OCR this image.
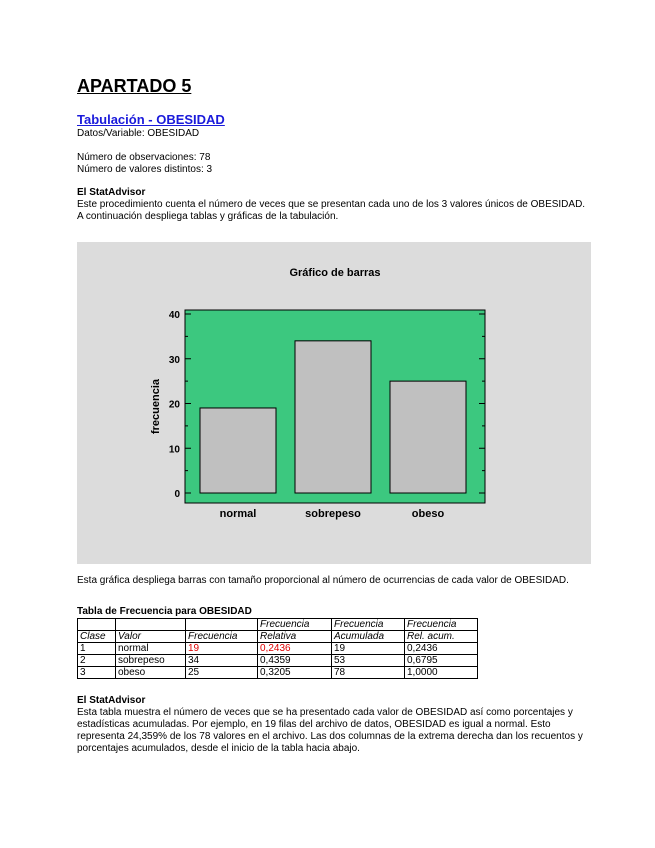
APARTADO 5
Tabulación - OBESIDAD
Datos/Variable: OBESIDAD
Número de observaciones: 78
Número de valores distintos: 3
El StatAdvisor
Este procedimiento cuenta el número de veces que se presentan cada uno de los 3 valores únicos de OBESIDAD.
A continuación despliega tablas y gráficas de la tabulación.
Gráfico de barras
0
10
20
30
40
frecuencia
normal	sobrepeso	obeso
Esta gráfica despliega barras con tamaño proporcional al número de ocurrencias de cada valor de OBESIDAD.
Tabla de Frecuencia para OBESIDAD
			Frecuencia	Frecuencia	Frecuencia
Clase	Valor	Frecuencia	Relativa	Acumulada	Rel. acum.
1	normal	19	0,2436	19	0,2436
2	sobrepeso	34	0,4359	53	0,6795
3	obeso	25	0,3205	78	1,0000
El StatAdvisor
Esta tabla muestra el número de veces que se ha presentado cada valor de OBESIDAD así como porcentajes y
estadísticas acumuladas. Por ejemplo, en 19 filas del archivo de datos, OBESIDAD es igual a normal. Esto
representa 24,359% de los 78 valores en el archivo. Las dos columnas de la extrema derecha dan los recuentos y
porcentajes acumulados, desde el inicio de la tabla hacia abajo.
